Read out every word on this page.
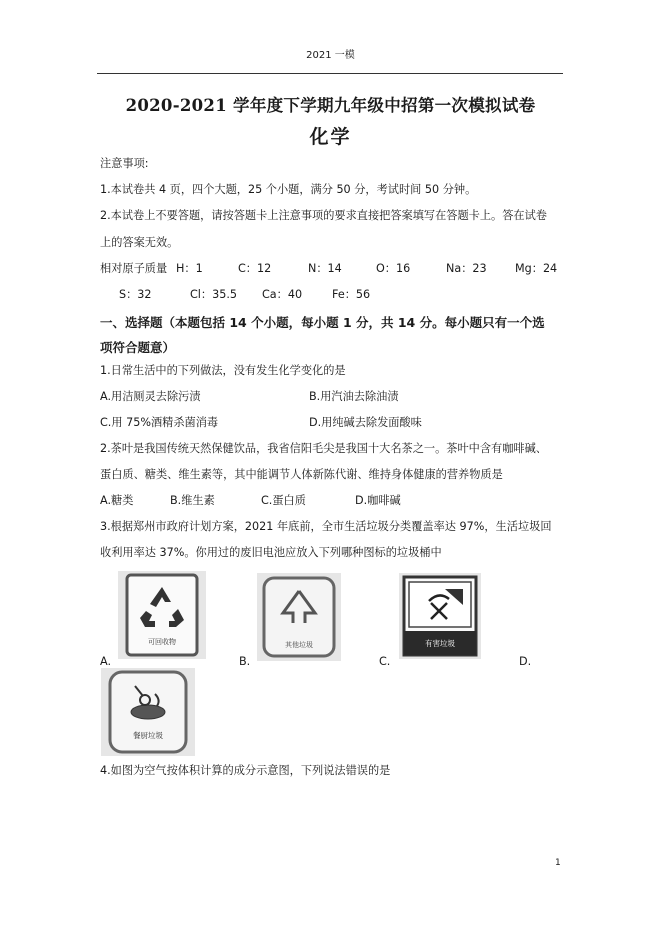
2021 一模
2020-2021 学年度下学期九年级中招第一次模拟试卷
化学
注意事项:
1.本试卷共 4 页，四个大题，25 个小题，满分 50 分，考试时间 50 分钟。
2.本试卷上不要答题，请按答题卡上注意事项的要求直接把答案填写在答题卡上。答在试卷
上的答案无效。
相对原子质量 H：1	C：12	N：14	O：16	Na：23	Mg：24
S：32	Cl：35.5 Ca：40	Fe：56
一、选择题（本题包括 14 个小题，每小题 1 分，共 14 分。每小题只有一个选
项符合题意）
1.日常生活中的下列做法，没有发生化学变化的是
A.用洁厕灵去除污渍	B.用汽油去除油渍
C.用 75%酒精杀菌消毒	D.用纯碱去除发面酸味
2.茶叶是我国传统天然保健饮品，我省信阳毛尖是我国十大名茶之一。茶叶中含有咖啡碱、
蛋白质、糖类、维生素等，其中能调节人体新陈代谢、维持身体健康的营养物质是
A.糖类	B.维生素	C.蛋白质	D.咖啡碱
3.根据郑州市政府计划方案，2021 年底前，全市生活垃圾分类覆盖率达 97%，生活垃圾回
收利用率达 37%。你用过的废旧电池应放入下列哪种图标的垃圾桶中
可回收物
A.
其他垃圾
B.
有害垃圾
C.	D.
餐厨垃圾
4.如图为空气按体积计算的成分示意图，下列说法错误的是
1
